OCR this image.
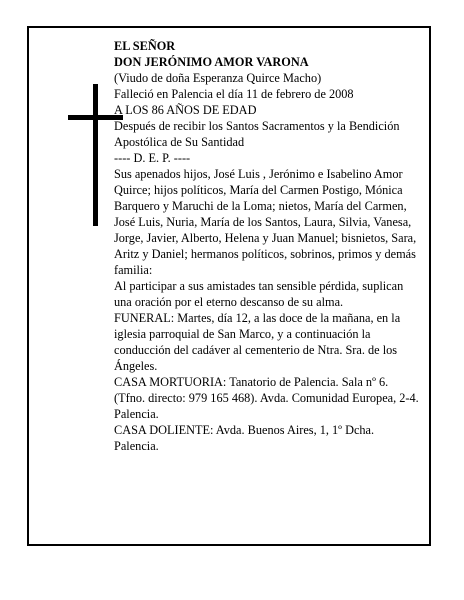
EL SEÑOR

DON JERÓNIMO AMOR VARONA

(Viudo de doña Esperanza Quirce Macho)

Falleció en Palencia el día 11 de febrero de 2008

A LOS 86 AÑOS DE EDAD

Después de recibir los Santos Sacramentos y la Bendición Apostólica de Su Santidad

---- D. E. P. ----

Sus apenados hijos, José Luis , Jerónimo e Isabelino Amor Quirce; hijos políticos, María del Carmen Postigo, Mónica Barquero y Maruchi de la Loma; nietos, María del Carmen, José Luis, Nuria, María de los Santos, Laura, Silvia, Vanesa, Jorge, Javier, Alberto, Helena y Juan Manuel; bisnietos, Sara, Aritz y Daniel; hermanos políticos, sobrinos, primos y demás familia:

Al participar a sus amistades tan sensible pérdida, suplican una oración por el eterno descanso de su alma.

FUNERAL: Martes, día 12, a las doce de la mañana, en la iglesia parroquial de San Marco, y a continuación la conducción del cadáver al cementerio de Ntra. Sra. de los Ángeles.

CASA MORTUORIA: Tanatorio de Palencia. Sala nº 6. (Tfno. directo: 979 165 468). Avda. Comunidad Europea, 2-4. Palencia.

CASA DOLIENTE: Avda. Buenos Aires, 1, 1º Dcha. Palencia.
